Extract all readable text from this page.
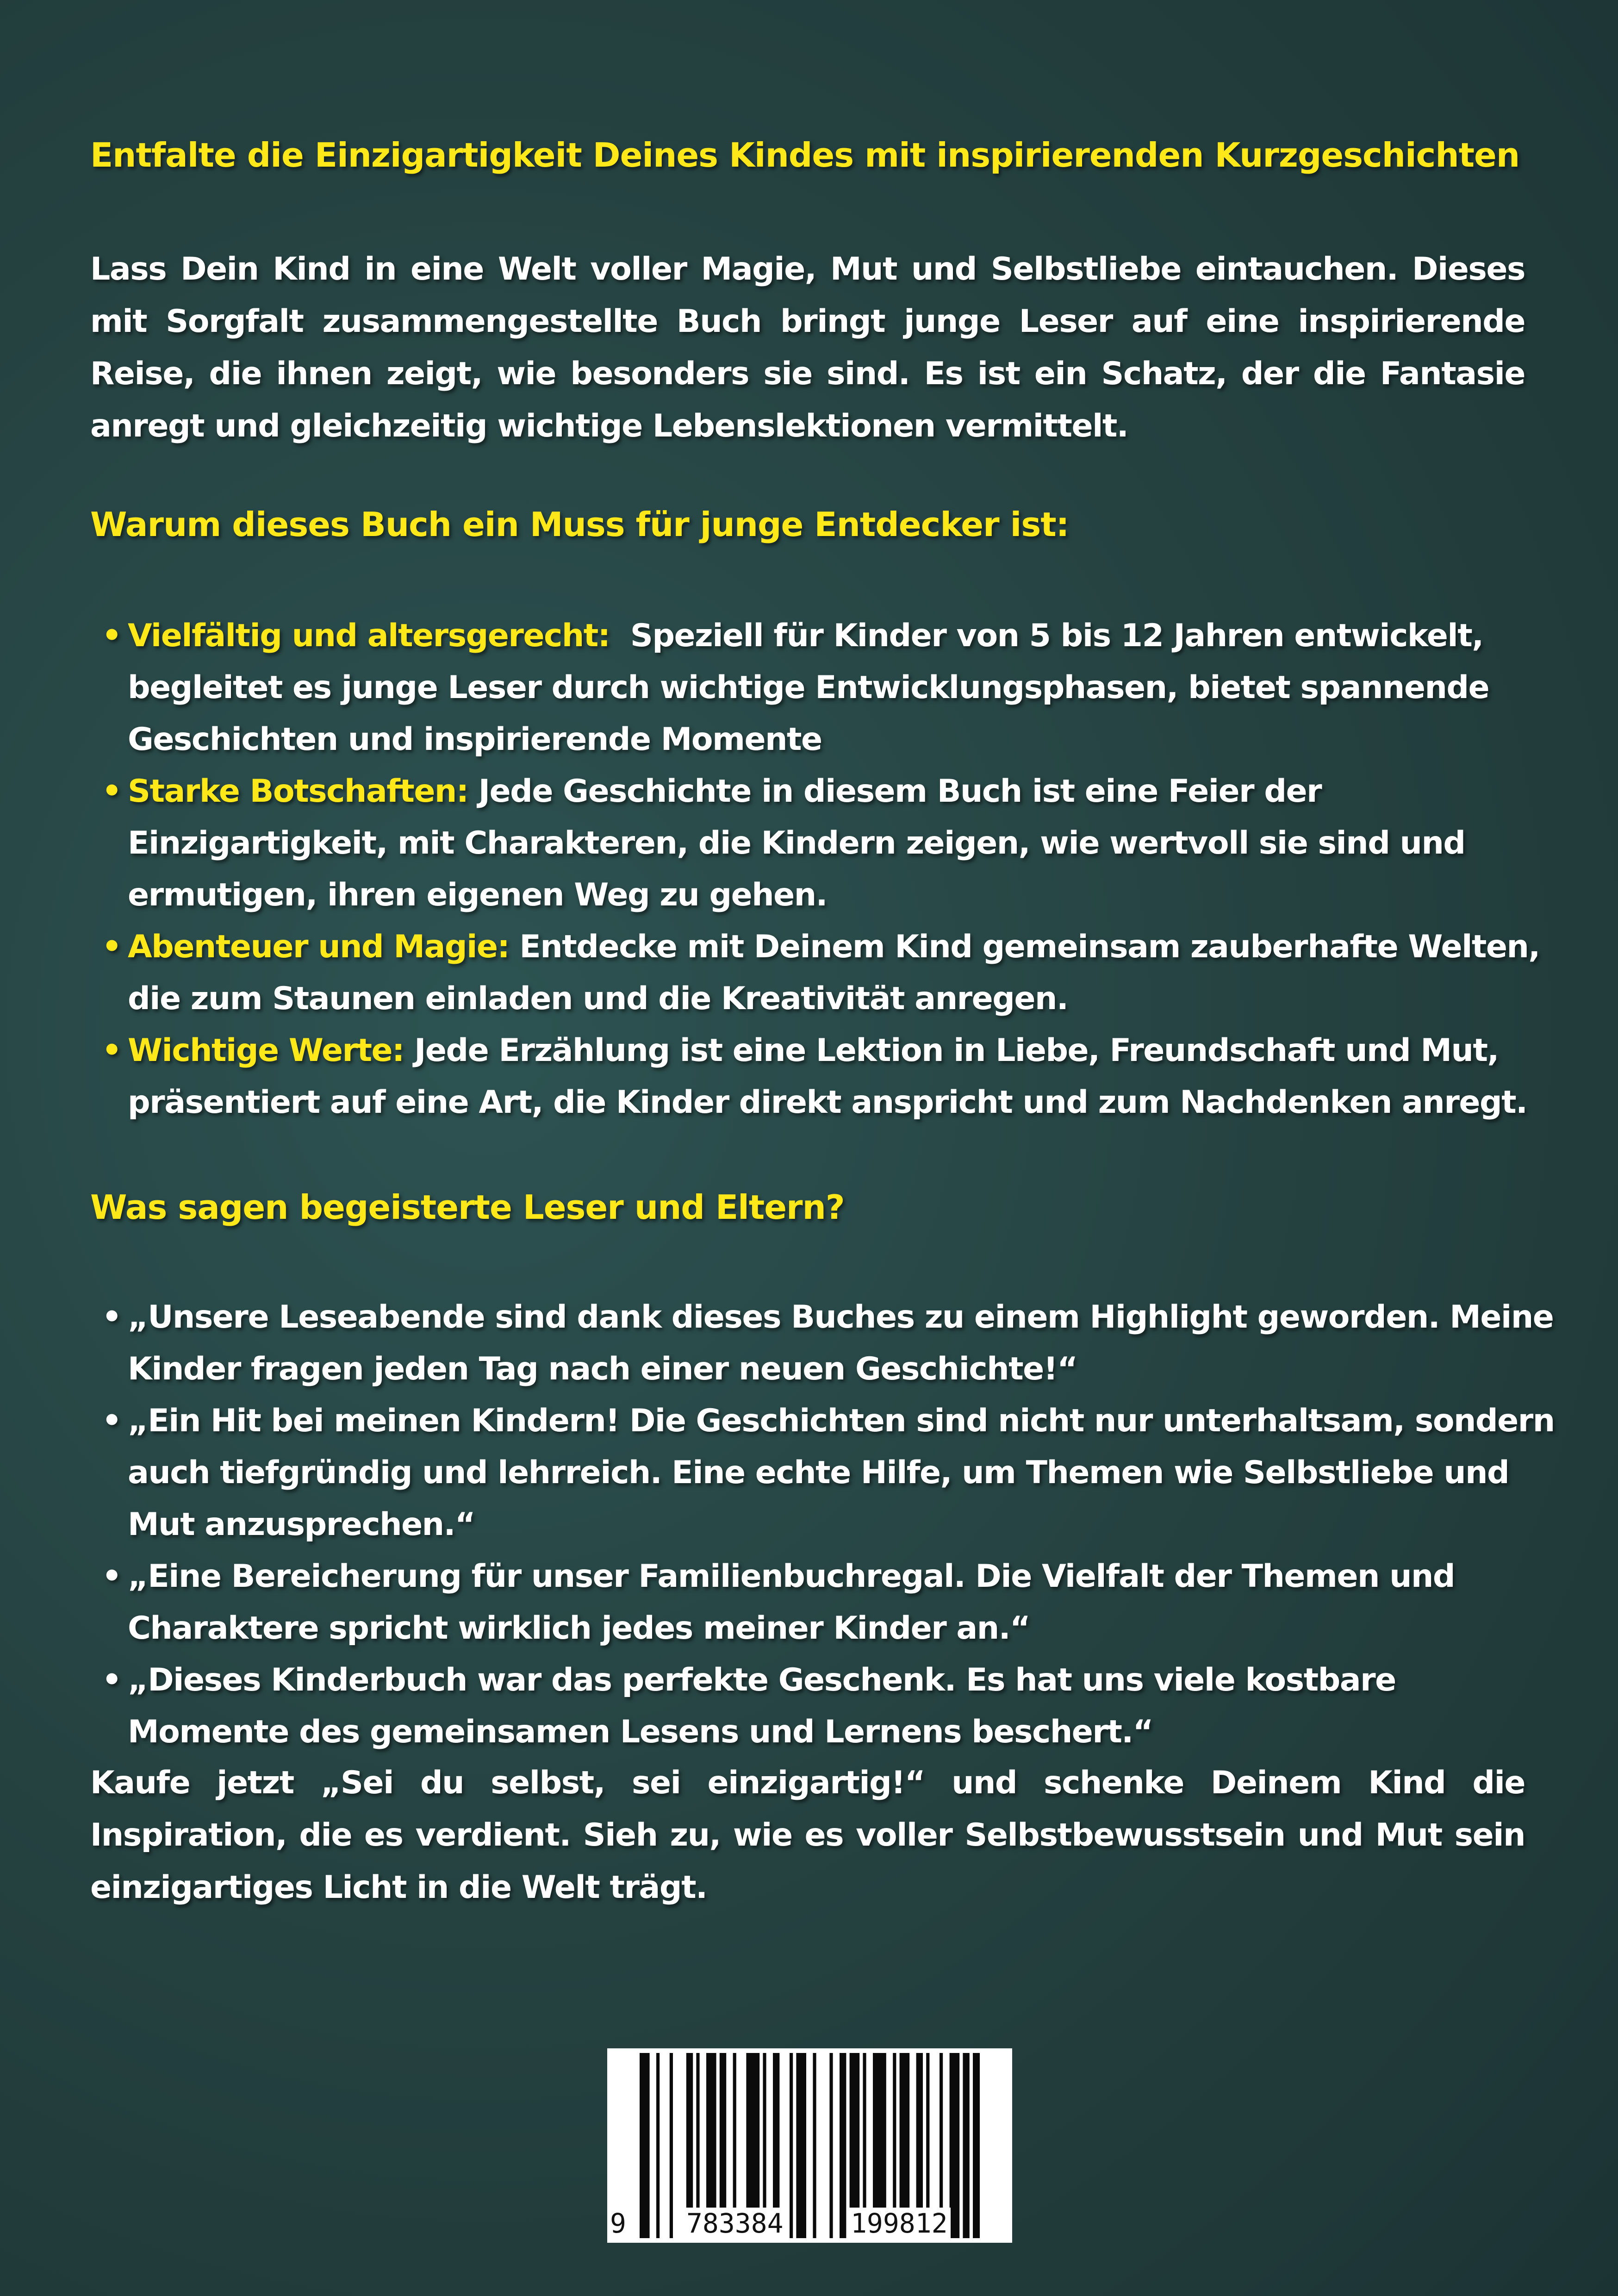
Entfalte die Einzigartigkeit Deines Kindes mit inspirierenden Kurzgeschichten

Lass Dein Kind in eine Welt voller Magie, Mut und Selbstliebe eintauchen. Dieses mit Sorgfalt zusammengestellte Buch bringt junge Leser auf eine inspirierende Reise, die ihnen zeigt, wie besonders sie sind. Es ist ein Schatz, der die Fantasie anregt und gleichzeitig wichtige Lebenslektionen vermittelt.

Warum dieses Buch ein Muss für junge Entdecker ist:
• Vielfältig und altersgerecht: Speziell für Kinder von 5 bis 12 Jahren entwickelt, begleitet es junge Leser durch wichtige Entwicklungsphasen, bietet spannende Geschichten und inspirierende Momente
• Starke Botschaften: Jede Geschichte in diesem Buch ist eine Feier der Einzigartigkeit, mit Charakteren, die Kindern zeigen, wie wertvoll sie sind und ermutigen, ihren eigenen Weg zu gehen.
• Abenteuer und Magie: Entdecke mit Deinem Kind gemeinsam zauberhafte Welten, die zum Staunen einladen und die Kreativität anregen.
• Wichtige Werte: Jede Erzählung ist eine Lektion in Liebe, Freundschaft und Mut, präsentiert auf eine Art, die Kinder direkt anspricht und zum Nachdenken anregt.
Was sagen begeisterte Leser und Eltern?
• „Unsere Leseabende sind dank dieses Buches zu einem Highlight geworden. Meine Kinder fragen jeden Tag nach einer neuen Geschichte!“
• „Ein Hit bei meinen Kindern! Die Geschichten sind nicht nur unterhaltsam, sondern auch tiefgründig und lehrreich. Eine echte Hilfe, um Themen wie Selbstliebe und Mut anzusprechen.“
• „Eine Bereicherung für unser Familienbuchregal. Die Vielfalt der Themen und Charaktere spricht wirklich jedes meiner Kinder an.“
• „Dieses Kinderbuch war das perfekte Geschenk. Es hat uns viele kostbare Momente des gemeinsamen Lesens und Lernens beschert.“

Kaufe jetzt „Sei du selbst, sei einzigartig!“ und schenke Deinem Kind die Inspiration, die es verdient. Sieh zu, wie es voller Selbstbewusstsein und Mut sein einzigartiges Licht in die Welt trägt.

9 783384	199812
